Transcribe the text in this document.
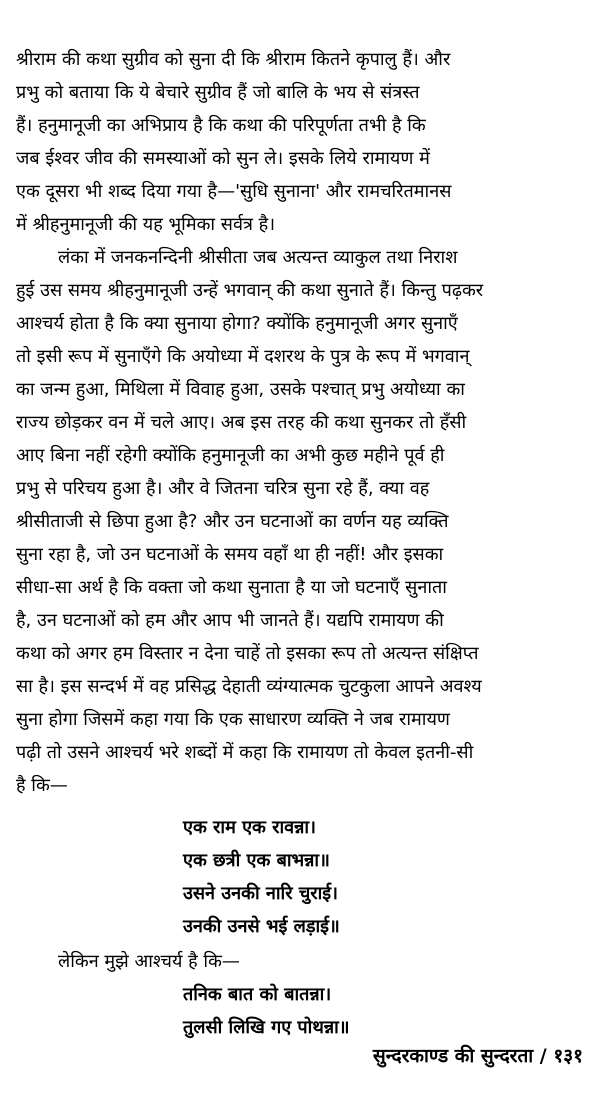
श्रीराम की कथा सुग्रीव को सुना दी कि श्रीराम कितने कृपालु हैं। और
प्रभु को बताया कि ये बेचारे सुग्रीव हैं जो बालि के भय से संत्रस्त
हैं। हनुमानूजी का अभिप्राय है कि कथा की परिपूर्णता तभी है कि
जब ईश्वर जीव की समस्याओं को सुन ले। इसके लिये रामायण में
एक दूसरा भी शब्द दिया गया है—'सुधि सुनाना' और रामचरितमानस
में श्रीहनुमानूजी की यह भूमिका सर्वत्र है।
लंका में जनकनन्दिनी श्रीसीता जब अत्यन्त व्याकुल तथा निराश
हुई उस समय श्रीहनुमानूजी उन्हें भगवान् की कथा सुनाते हैं। किन्तु पढ़कर
आश्चर्य होता है कि क्या सुनाया होगा? क्योंकि हनुमानूजी अगर सुनाएँ
तो इसी रूप में सुनाएँगे कि अयोध्या में दशरथ के पुत्र के रूप में भगवान्
का जन्म हुआ, मिथिला में विवाह हुआ, उसके पश्चात् प्रभु अयोध्या का
राज्य छोड़कर वन में चले आए। अब इस तरह की कथा सुनकर तो हँसी
आए बिना नहीं रहेगी क्योंकि हनुमानूजी का अभी कुछ महीने पूर्व ही
प्रभु से परिचय हुआ है। और वे जितना चरित्र सुना रहे हैं, क्या वह
श्रीसीताजी से छिपा हुआ है? और उन घटनाओं का वर्णन यह व्यक्ति
सुना रहा है, जो उन घटनाओं के समय वहाँ था ही नहीं! और इसका
सीधा-सा अर्थ है कि वक्ता जो कथा सुनाता है या जो घटनाएँ सुनाता
है, उन घटनाओं को हम और आप भी जानते हैं। यद्यपि रामायण की
कथा को अगर हम विस्तार न देना चाहें तो इसका रूप तो अत्यन्त संक्षिप्त
सा है। इस सन्दर्भ में वह प्रसिद्ध देहाती व्यंग्यात्मक चुटकुला आपने अवश्य
सुना होगा जिसमें कहा गया कि एक साधारण व्यक्ति ने जब रामायण
पढ़ी तो उसने आश्चर्य भरे शब्दों में कहा कि रामायण तो केवल इतनी-सी
है कि—
एक राम एक रावन्ना।
एक छत्री एक बाभन्ना॥
उसने उनकी नारि चुराई।
उनकी उनसे भई लड़ाई॥
लेकिन मुझे आश्चर्य है कि—
तनिक बात को बातन्ना।
तुलसी लिखि गए पोथन्ना॥
सुन्दरकाण्ड की सुन्दरता / १३१
